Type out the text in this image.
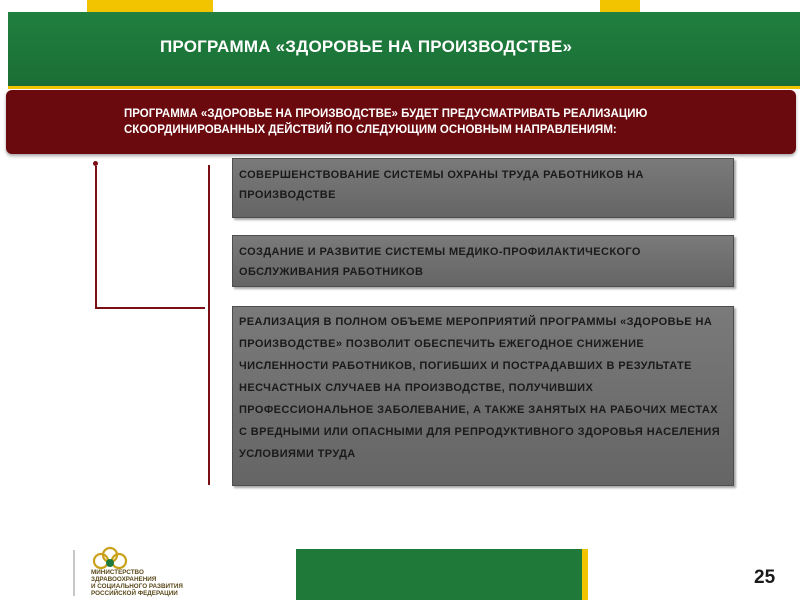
ПРОГРАММА «ЗДОРОВЬЕ НА ПРОИЗВОДСТВЕ»
ПРОГРАММА «ЗДОРОВЬЕ НА ПРОИЗВОДСТВЕ» БУДЕТ ПРЕДУСМАТРИВАТЬ РЕАЛИЗАЦИЮ
СКООРДИНИРОВАННЫХ ДЕЙСТВИЙ ПО СЛЕДУЮЩИМ ОСНОВНЫМ НАПРАВЛЕНИЯМ:
СОВЕРШЕНСТВОВАНИЕ СИСТЕМЫ ОХРАНЫ ТРУДА РАБОТНИКОВ НА ПРОИЗВОДСТВЕ
СОЗДАНИЕ И РАЗВИТИЕ СИСТЕМЫ МЕДИКО-ПРОФИЛАКТИЧЕСКОГО ОБСЛУЖИВАНИЯ РАБОТНИКОВ
РЕАЛИЗАЦИЯ В ПОЛНОМ ОБЪЕМЕ МЕРОПРИЯТИЙ ПРОГРАММЫ «ЗДОРОВЬЕ НА ПРОИЗВОДСТВЕ» ПОЗВОЛИТ ОБЕСПЕЧИТЬ ЕЖЕГОДНОЕ СНИЖЕНИЕ ЧИСЛЕННОСТИ РАБОТНИКОВ, ПОГИБШИХ И ПОСТРАДАВШИХ В РЕЗУЛЬТАТЕ НЕСЧАСТНЫХ СЛУЧАЕВ НА ПРОИЗВОДСТВЕ, ПОЛУЧИВШИХ ПРОФЕССИОНАЛЬНОЕ ЗАБОЛЕВАНИЕ, А ТАКЖЕ ЗАНЯТЫХ НА РАБОЧИХ МЕСТАХ С ВРЕДНЫМИ ИЛИ ОПАСНЫМИ ДЛЯ РЕПРОДУКТИВНОГО ЗДОРОВЬЯ НАСЕЛЕНИЯ УСЛОВИЯМИ ТРУДА
МИНИСТЕРСТВО
ЗДРАВООХРАНЕНИЯ
И СОЦИАЛЬНОГО РАЗВИТИЯ
РОССИЙСКОЙ ФЕДЕРАЦИИ
25
